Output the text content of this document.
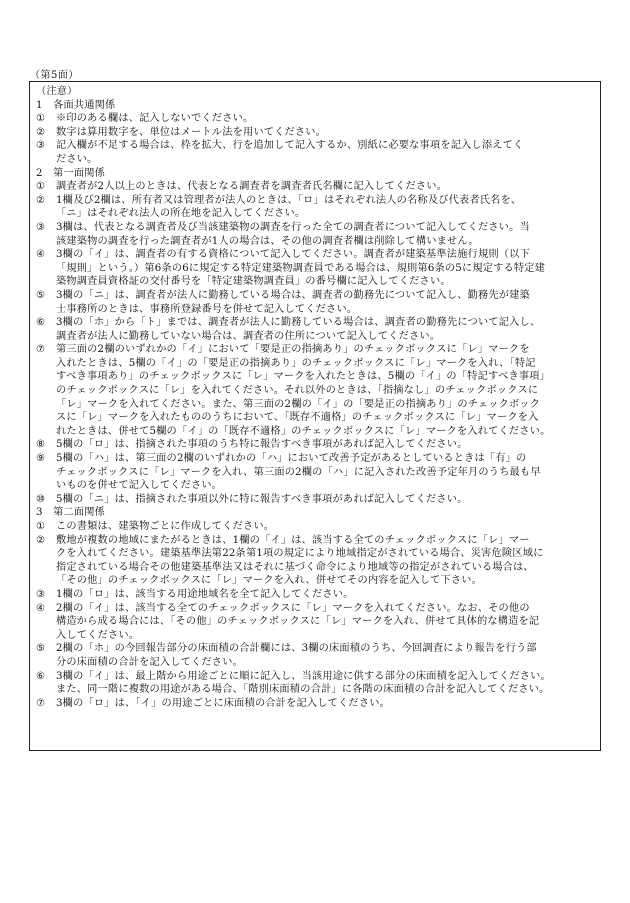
（第5面）
（注意）
1　各面共通関係
①	※印のある欄は、記入しないでください。
②	数字は算用数字を、単位はメートル法を用いてください。
③	記入欄が不足する場合は、枠を拡大、行を追加して記入するか、別紙に必要な事項を記入し添えてく
ださい。
2　第一面関係
①	調査者が2人以上のときは、代表となる調査者を調査者氏名欄に記入してください。
②	1欄及び2欄は、所有者又は管理者が法人のときは、「ロ」はそれぞれ法人の名称及び代表者氏名を、
「ニ」はそれぞれ法人の所在地を記入してください。
③	3欄は、代表となる調査者及び当該建築物の調査を行った全ての調査者について記入してください。当
該建築物の調査を行った調査者が1人の場合は、その他の調査者欄は削除して構いません。
④	3欄の「イ」は、調査者の有する資格について記入してください。調査者が建築基準法施行規則（以下
「規則」という。）第6条の6に規定する特定建築物調査員である場合は、規則第6条の5に規定する特定建
築物調査員資格証の交付番号を「特定建築物調査員」の番号欄に記入してください。
⑤	3欄の「ニ」は、調査者が法人に勤務している場合は、調査者の勤務先について記入し、勤務先が建築
士事務所のときは、事務所登録番号を併せて記入してください。
⑥	3欄の「ホ」から「ト」までは、調査者が法人に勤務している場合は、調査者の勤務先について記入し、
調査者が法人に勤務していない場合は、調査者の住所について記入してください。
⑦	第三面の2欄のいずれかの「イ」において「要是正の指摘あり」のチェックボックスに「レ」マークを
入れたときは、5欄の「イ」の「要是正の指摘あり」のチェックボックスに「レ」マークを入れ、「特記
すべき事項あり」のチェックボックスに「レ」マークを入れたときは、5欄の「イ」の「特記すべき事項」
のチェックボックスに「レ」を入れてください。それ以外のときは、「指摘なし」のチェックボックスに
「レ」マークを入れてください。また、第三面の2欄の「イ」の「要是正の指摘あり」のチェックボック
スに「レ」マークを入れたもののうちにおいて、「既存不適格」のチェックボックスに「レ」マークを入
れたときは、併せて5欄の「イ」の「既存不適格」のチェックボックスに「レ」マークを入れてください。
⑧	5欄の「ロ」は、指摘された事項のうち特に報告すべき事項があれば記入してください。
⑨	5欄の「ハ」は、第三面の2欄のいずれかの「ハ」において改善予定があるとしているときは「有」の
チェックボックスに「レ」マークを入れ、第三面の2欄の「ハ」に記入された改善予定年月のうち最も早
いものを併せて記入してください。
⑩	5欄の「ニ」は、指摘された事項以外に特に報告すべき事項があれば記入してください。
3　第二面関係
①	この書類は、建築物ごとに作成してください。
②	敷地が複数の地域にまたがるときは、1欄の「イ」は、該当する全てのチェックボックスに「レ」マー
クを入れてください。建築基準法第22条第1項の規定により地域指定がされている場合、災害危険区域に
指定されている場合その他建築基準法又はそれに基づく命令により地域等の指定がされている場合は、
「その他」のチェックボックスに「レ」マークを入れ、併せてその内容を記入して下さい。
③	1欄の「ロ」は、該当する用途地域名を全て記入してください。
④	2欄の「イ」は、該当する全てのチェックボックスに「レ」マークを入れてください。なお、その他の
構造から成る場合には、「その他」のチェックボックスに「レ」マークを入れ、併せて具体的な構造を記
入してください。
⑤	2欄の「ホ」の今回報告部分の床面積の合計欄には、3欄の床面積のうち、今回調査により報告を行う部
分の床面積の合計を記入してください。
⑥	3欄の「イ」は、最上階から用途ごとに順に記入し、当該用途に供する部分の床面積を記入してください。
また、同一階に複数の用途がある場合、「階別床面積の合計」に各階の床面積の合計を記入してください。
⑦	3欄の「ロ」は、「イ」の用途ごとに床面積の合計を記入してください。
